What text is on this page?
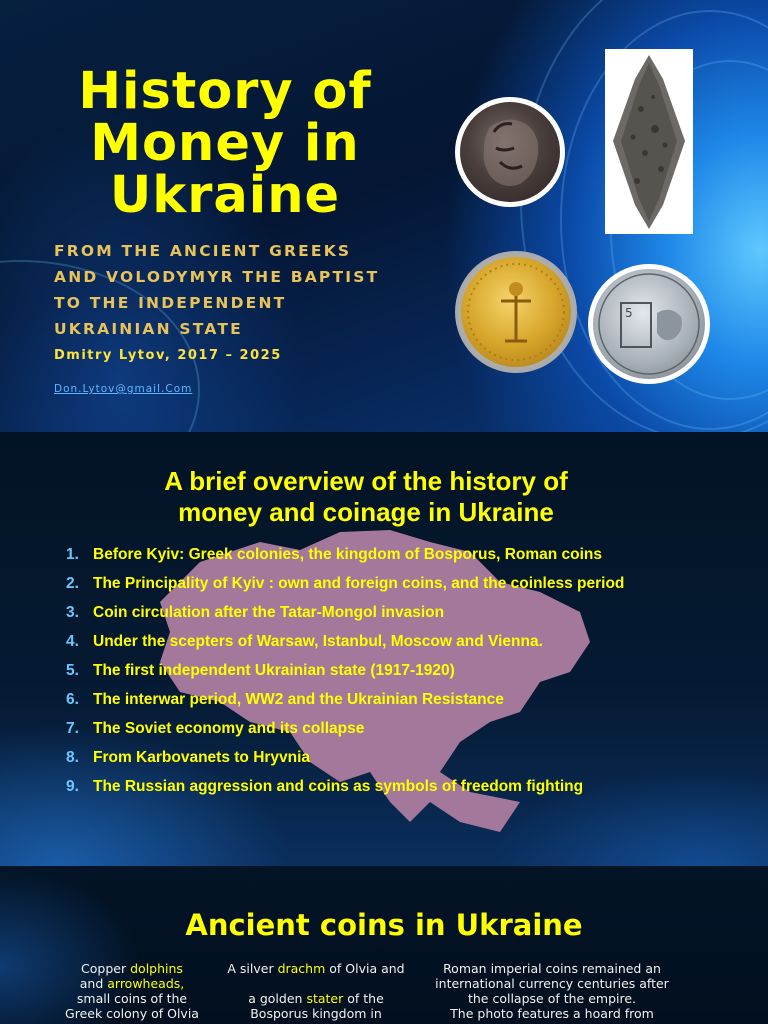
History of Money in Ukraine
FROM THE ANCIENT GREEKS
AND VOLODYMYR THE BAPTIST
TO THE INDEPENDENT
UKRAINIAN STATE
Dmitry Lytov, 2017 – 2025
Don.Lytov@gmail.Com
5
A brief overview of the history of
money and coinage in Ukraine
1. Before Kyiv: Greek colonies, the kingdom of Bosporus, Roman coins
2. The Principality of Kyiv : own and foreign coins, and the coinless period
3. Coin circulation after the Tatar-Mongol invasion
4. Under the scepters of Warsaw, Istanbul, Moscow and Vienna.
5. The first independent Ukrainian state (1917-1920)
6. The interwar period, WW2 and the Ukrainian Resistance
7. The Soviet economy and its collapse
8. From Karbovanets to Hryvnia
9. The Russian aggression and coins as symbols of freedom fighting
Ancient coins in Ukraine
Copper dolphins
and arrowheads,
small coins of the
Greek colony of Olvia
A silver drachm of Olvia and

a golden stater of the
Bosporus kingdom in
Roman imperial coins remained an
international currency centuries after
the collapse of the empire.
The photo features a hoard from
